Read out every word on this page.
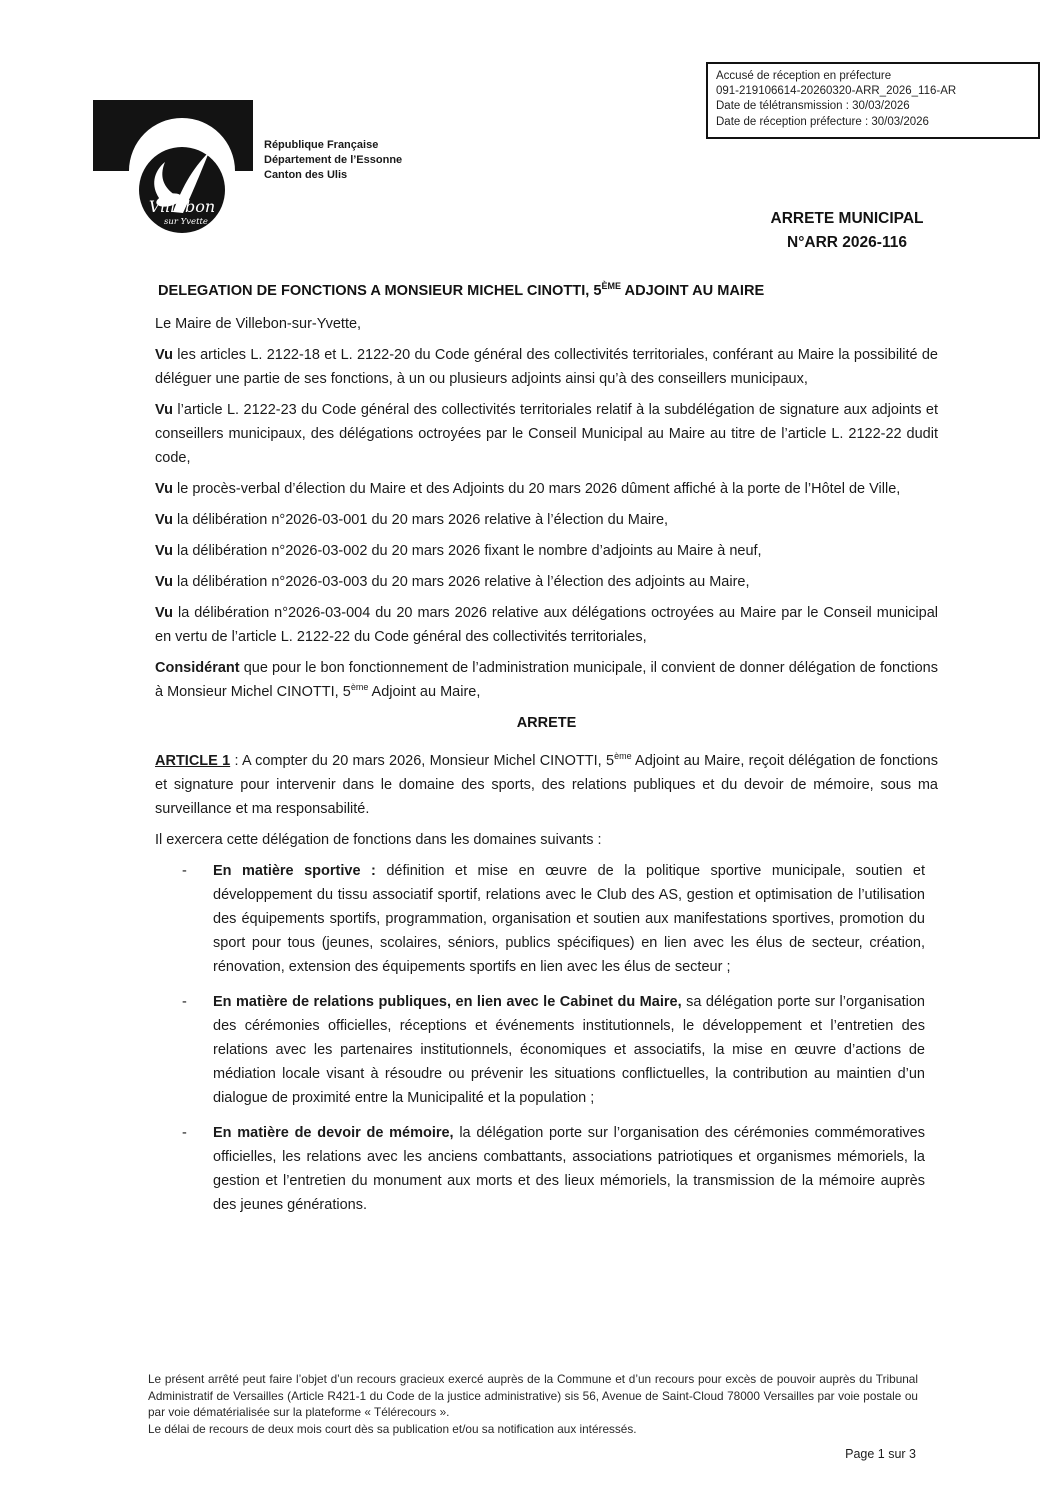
Accusé de réception en préfecture
091-219106614-20260320-ARR_2026_116-AR
Date de télétransmission : 30/03/2026
Date de réception préfecture : 30/03/2026
Villebon
sur Yvette
République Française
Département de l’Essonne
Canton des Ulis
ARRETE MUNICIPAL
N°ARR 2026-116
DELEGATION DE FONCTIONS A MONSIEUR MICHEL CINOTTI, 5ÈME ADJOINT AU MAIRE

Le Maire de Villebon-sur-Yvette,

Vu les articles L. 2122-18 et L. 2122-20 du Code général des collectivités territoriales, conférant au Maire la possibilité de déléguer une partie de ses fonctions, à un ou plusieurs adjoints ainsi qu’à des conseillers municipaux,

Vu l’article L. 2122-23 du Code général des collectivités territoriales relatif à la subdélégation de signature aux adjoints et conseillers municipaux, des délégations octroyées par le Conseil Municipal au Maire au titre de l’article L. 2122-22 dudit code,

Vu le procès-verbal d’élection du Maire et des Adjoints du 20 mars 2026 dûment affiché à la porte de l’Hôtel de Ville,

Vu la délibération n°2026-03-001 du 20 mars 2026 relative à l’élection du Maire,

Vu la délibération n°2026-03-002 du 20 mars 2026 fixant le nombre d’adjoints au Maire à neuf,

Vu la délibération n°2026-03-003 du 20 mars 2026 relative à l’élection des adjoints au Maire,

Vu la délibération n°2026-03-004 du 20 mars 2026 relative aux délégations octroyées au Maire par le Conseil municipal en vertu de l’article L. 2122-22 du Code général des collectivités territoriales,

Considérant que pour le bon fonctionnement de l’administration municipale, il convient de donner délégation de fonctions à Monsieur Michel CINOTTI, 5ème Adjoint au Maire,

ARRETE

ARTICLE 1 : A compter du 20 mars 2026, Monsieur Michel CINOTTI, 5ème Adjoint au Maire, reçoit délégation de fonctions et signature pour intervenir dans le domaine des sports, des relations publiques et du devoir de mémoire, sous ma surveillance et ma responsabilité.

Il exercera cette délégation de fonctions dans les domaines suivants :

-	En matière sportive : définition et mise en œuvre de la politique sportive municipale, soutien et développement du tissu associatif sportif, relations avec le Club des AS, gestion et optimisation de l’utilisation des équipements sportifs, programmation, organisation et soutien aux manifestations sportives, promotion du sport pour tous (jeunes, scolaires, séniors, publics spécifiques) en lien avec les élus de secteur, création, rénovation, extension des équipements sportifs en lien avec les élus de secteur ;
-	En matière de relations publiques, en lien avec le Cabinet du Maire, sa délégation porte sur l’organisation des cérémonies officielles, réceptions et événements institutionnels, le développement et l’entretien des relations avec les partenaires institutionnels, économiques et associatifs, la mise en œuvre d’actions de médiation locale visant à résoudre ou prévenir les situations conflictuelles, la contribution au maintien d’un dialogue de proximité entre la Municipalité et la population ;
-	En matière de devoir de mémoire, la délégation porte sur l’organisation des cérémonies commémoratives officielles, les relations avec les anciens combattants, associations patriotiques et organismes mémoriels, la gestion et l’entretien du monument aux morts et des lieux mémoriels, la transmission de la mémoire auprès des jeunes générations.

Le présent arrêté peut faire l’objet d’un recours gracieux exercé auprès de la Commune et d’un recours pour excès de pouvoir auprès du Tribunal Administratif de Versailles (Article R421-1 du Code de la justice administrative) sis 56, Avenue de Saint-Cloud 78000 Versailles par voie postale ou par voie dématérialisée sur la plateforme « Télérecours ».

Le délai de recours de deux mois court dès sa publication et/ou sa notification aux intéressés.

Page 1 sur 3
